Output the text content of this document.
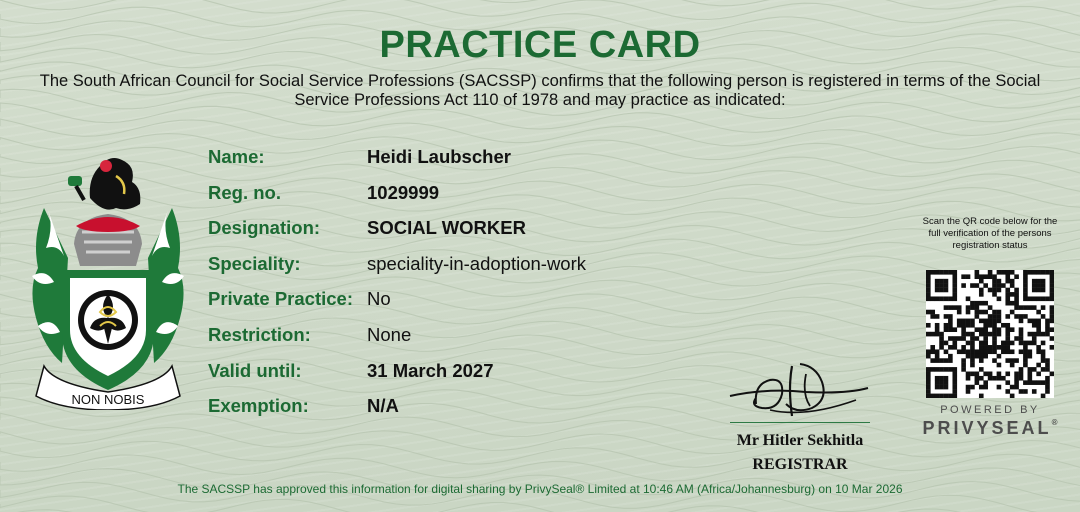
PRACTICE CARD
The South African Council for Social Service Professions (SACSSP) confirms that the following person is registered in terms of the Social Service Professions Act 110 of 1978 and may practice as indicated:
NON NOBIS
Name:	Heidi Laubscher
Reg. no.	1029999
Designation:	SOCIAL WORKER
Speciality:	speciality-in-adoption-work
Private Practice: No
Restriction:	None
Valid until:	31 March 2027
Exemption:	N/A
Mr Hitler Sekhitla
REGISTRAR
Scan the QR code below for the full verification of the persons registration status
POWERED BY
PRIVYSEAL®
The SACSSP has approved this information for digital sharing by PrivySeal® Limited at 10:46 AM (Africa/Johannesburg) on 10 Mar 2026
